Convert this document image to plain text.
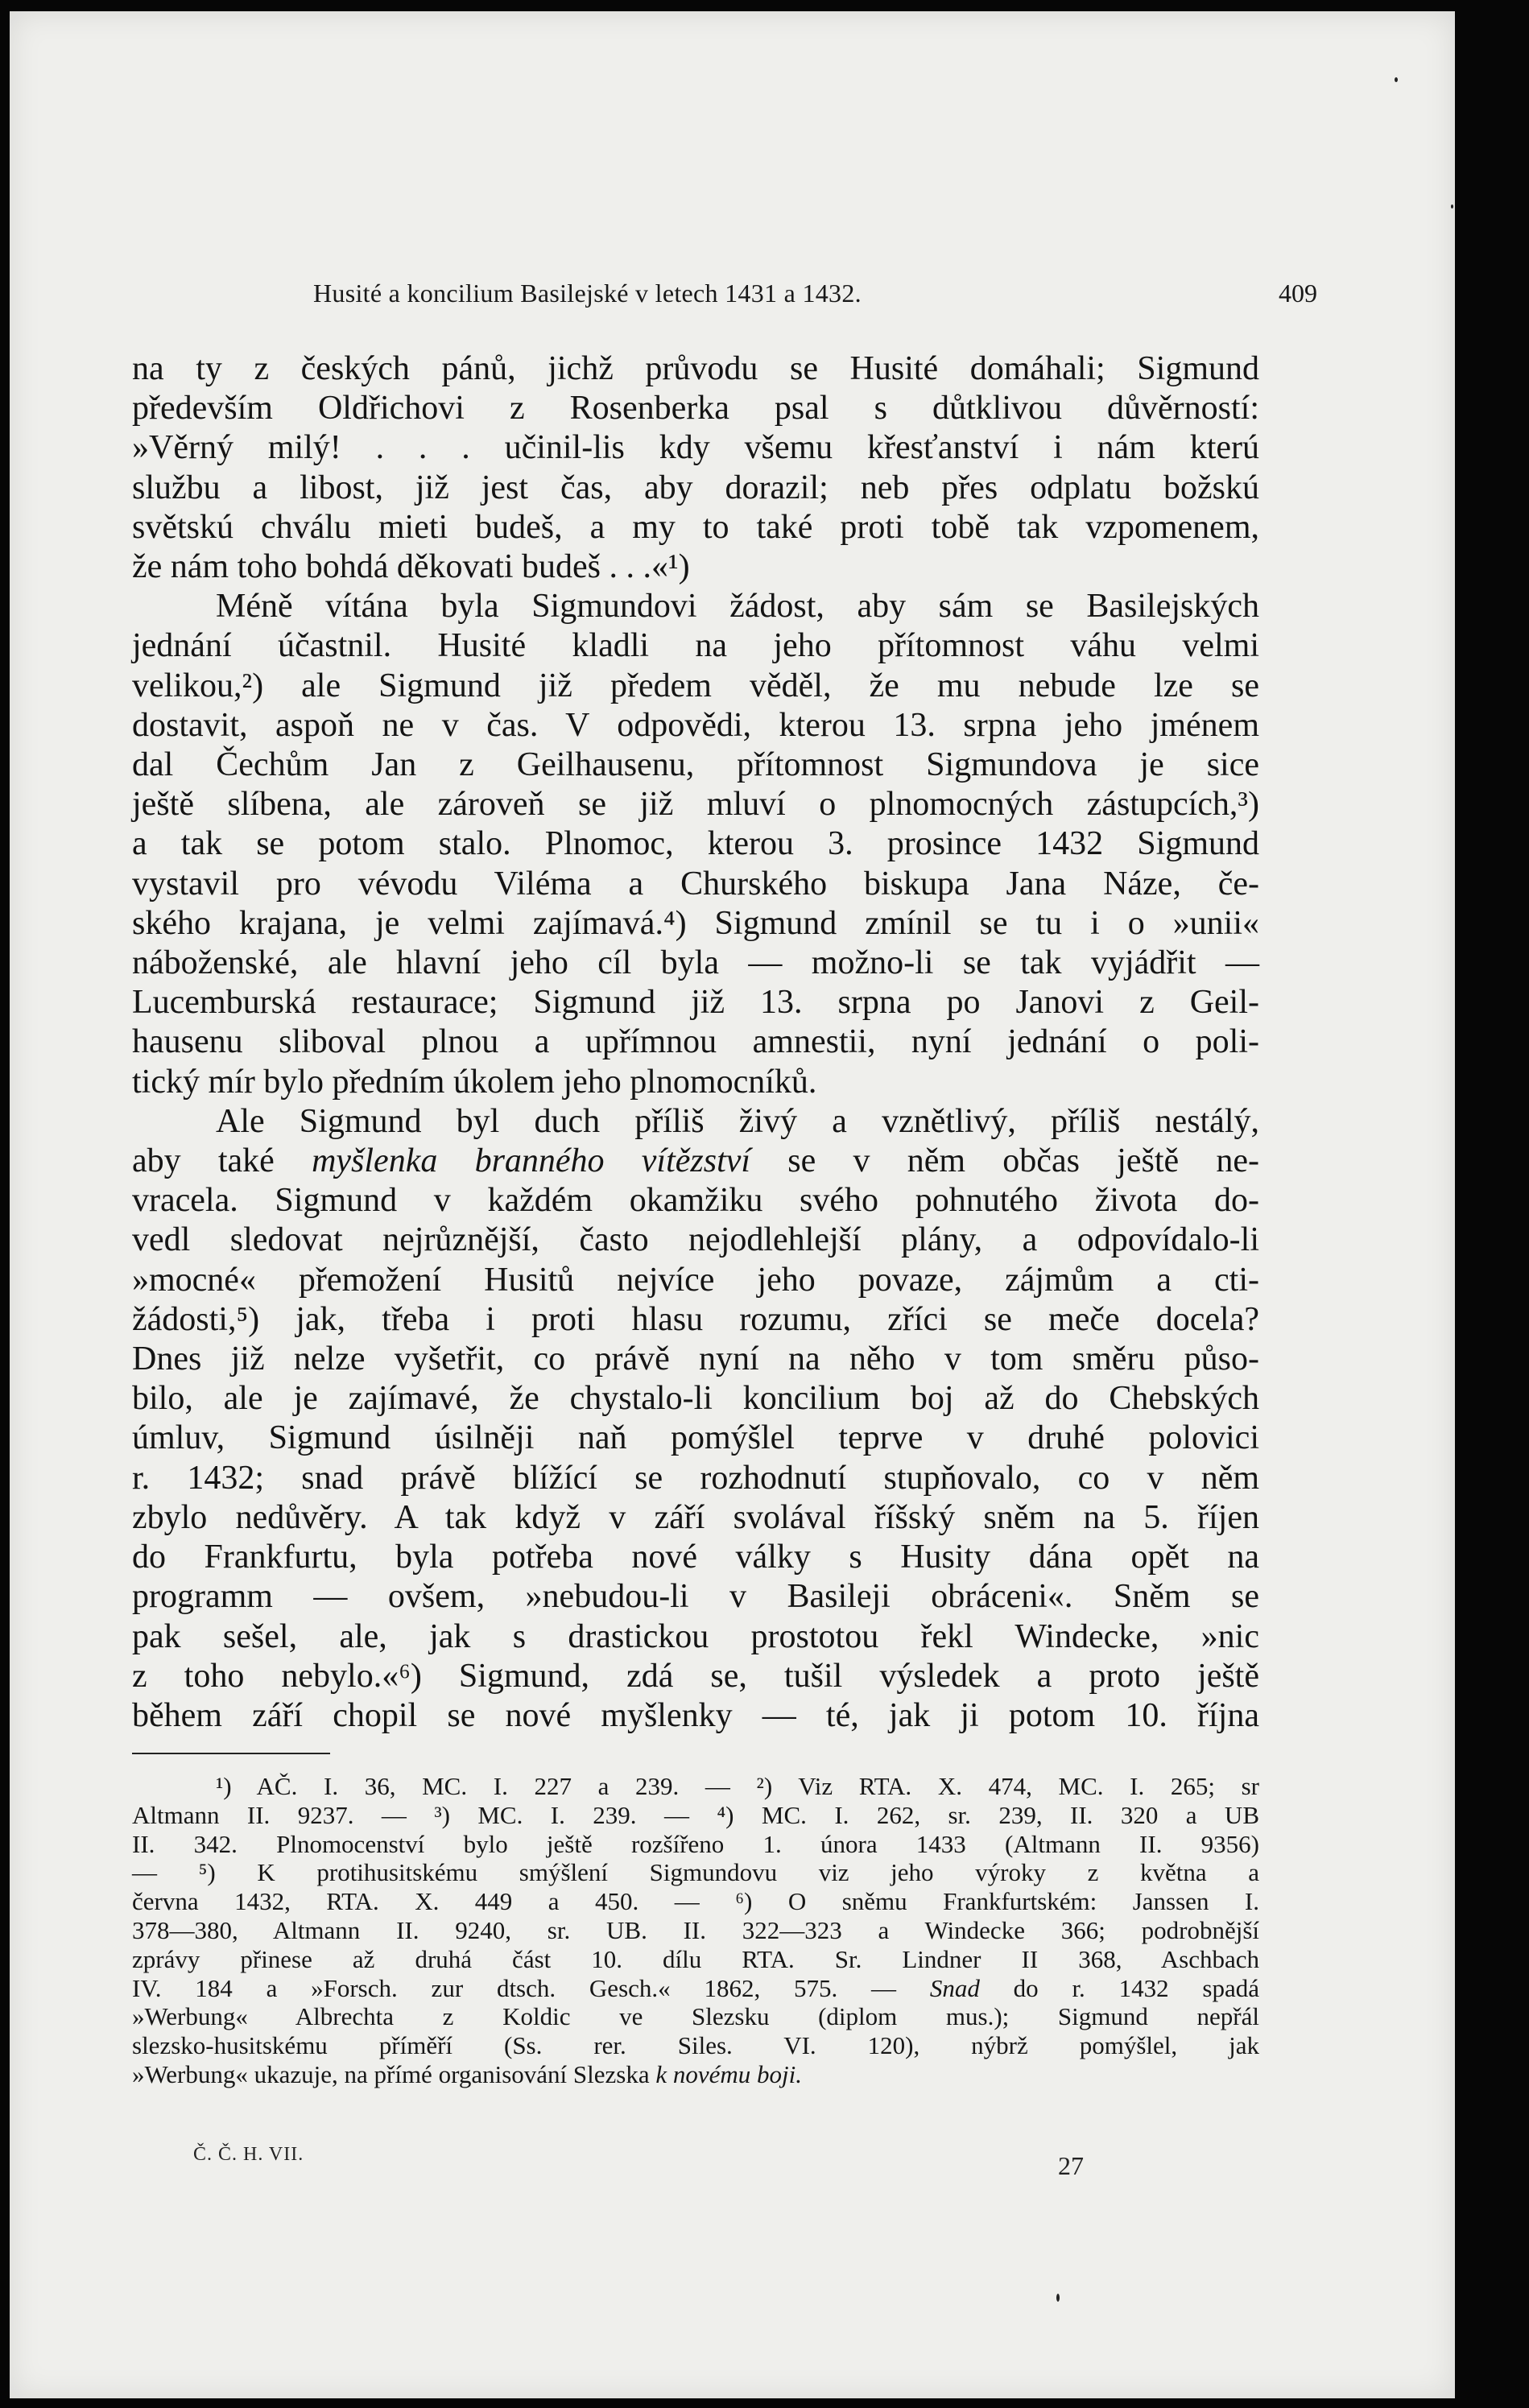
Husité a koncilium Basilejské v letech 1431 a 1432.	409
na ty z českých pánů, jichž průvodu se Husité domáhali; Sigmund
především Oldřichovi z Rosenberka psal s důtklivou důvěrností:
»Věrný milý! . . . učinil-lis kdy všemu křesťanství i nám kterú
službu a libost, již jest čas, aby dorazil; neb přes odplatu božskú
světskú chválu mieti budeš, a my to také proti tobě tak vzpomenem,
že nám toho bohdá děkovati budeš . . .«¹)
Méně vítána byla Sigmundovi žádost, aby sám se Basilejských
jednání účastnil. Husité kladli na jeho přítomnost váhu velmi
velikou,²) ale Sigmund již předem věděl, že mu nebude lze se
dostavit, aspoň ne v čas. V odpovědi, kterou 13. srpna jeho jménem
dal Čechům Jan z Geilhausenu, přítomnost Sigmundova je sice
ještě slíbena, ale zároveň se již mluví o plnomocných zástupcích,³)
a tak se potom stalo. Plnomoc, kterou 3. prosince 1432 Sigmund
vystavil pro vévodu Viléma a Churského biskupa Jana Náze, če-
ského krajana, je velmi zajímavá.⁴) Sigmund zmínil se tu i o »unii«
náboženské, ale hlavní jeho cíl byla — možno-li se tak vyjádřit —
Lucemburská restaurace; Sigmund již 13. srpna po Janovi z Geil-
hausenu sliboval plnou a upřímnou amnestii, nyní jednání o poli-
tický mír bylo předním úkolem jeho plnomocníků.
Ale Sigmund byl duch příliš živý a vznětlivý, příliš nestálý,
aby také myšlenka branného vítězství se v něm občas ještě ne-
vracela. Sigmund v každém okamžiku svého pohnutého života do-
vedl sledovat nejrůznější, často nejodlehlejší plány, a odpovídalo-li
»mocné« přemožení Husitů nejvíce jeho povaze, zájmům a cti-
žádosti,⁵) jak, třeba i proti hlasu rozumu, zříci se meče docela?
Dnes již nelze vyšetřit, co právě nyní na něho v tom směru půso-
bilo, ale je zajímavé, že chystalo-li koncilium boj až do Chebských
úmluv, Sigmund úsilněji naň pomýšlel teprve v druhé polovici
r. 1432; snad právě blížící se rozhodnutí stupňovalo, co v něm
zbylo nedůvěry. A tak když v září svolával říšský sněm na 5. říjen
do Frankfurtu, byla potřeba nové války s Husity dána opět na
programm — ovšem, »nebudou-li v Basileji obráceni«. Sněm se
pak sešel, ale, jak s drastickou prostotou řekl Windecke, »nic
z toho nebylo.«⁶) Sigmund, zdá se, tušil výsledek a proto ještě
během září chopil se nové myšlenky — té, jak ji potom 10. října
¹) AČ. I. 36, MC. I. 227 a 239. — ²) Viz RTA. X. 474, MC. I. 265; sr
Altmann II. 9237. — ³) MC. I. 239. — ⁴) MC. I. 262, sr. 239, II. 320 a UB
II. 342. Plnomocenství bylo ještě rozšířeno 1. února 1433 (Altmann II. 9356)
— ⁵) K protihusitskému smýšlení Sigmundovu viz jeho výroky z května a
června 1432, RTA. X. 449 a 450. — ⁶) O sněmu Frankfurtském: Janssen I.
378—380, Altmann II. 9240, sr. UB. II. 322—323 a Windecke 366; podrobnější
zprávy přinese až druhá část 10. dílu RTA. Sr. Lindner II 368, Aschbach
IV. 184 a »Forsch. zur dtsch. Gesch.« 1862, 575. — Snad do r. 1432 spadá
»Werbung« Albrechta z Koldic ve Slezsku (diplom mus.); Sigmund nepřál
slezsko-husitskému příměří (Ss. rer. Siles. VI. 120), nýbrž pomýšlel, jak
»Werbung« ukazuje, na přímé organisování Slezska k novému boji.
Č. Č. H. VII.	27
